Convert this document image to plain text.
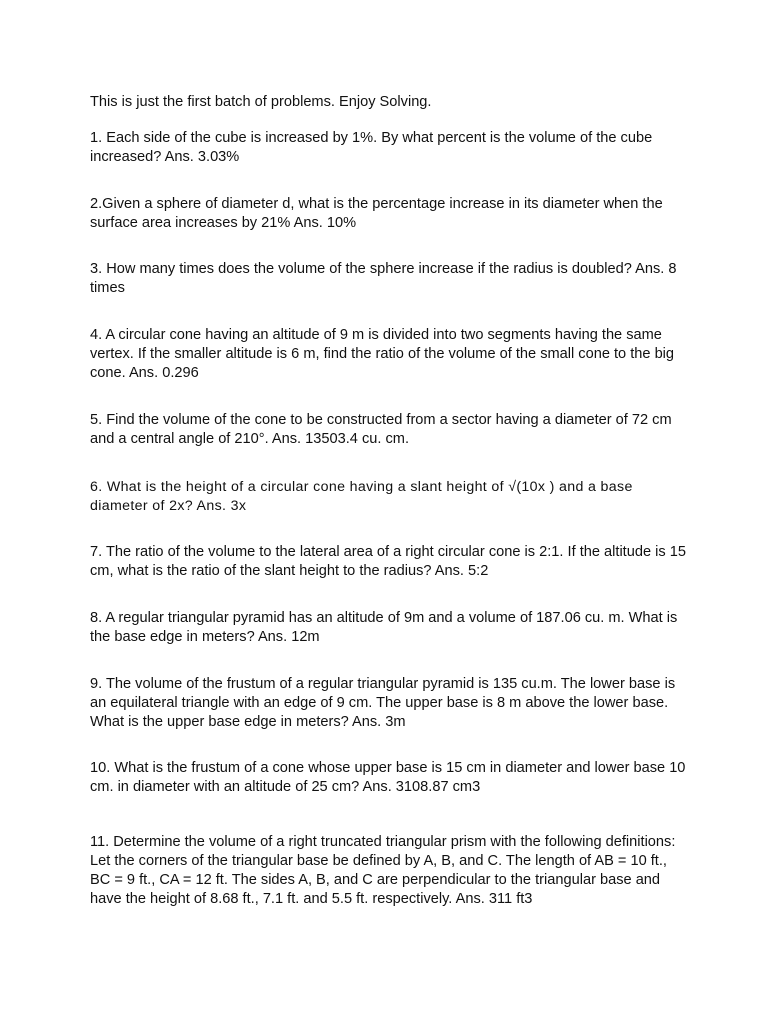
This is just the first batch of problems. Enjoy Solving.

1. Each side of the cube is increased by 1%. By what percent is the volume of the cube increased? Ans. 3.03%

2.Given a sphere of diameter d, what is the percentage increase in its diameter when the surface area increases by 21% Ans. 10%

3. How many times does the volume of the sphere increase if the radius is doubled? Ans. 8 times

4. A circular cone having an altitude of 9 m is divided into two segments having the same vertex. If the smaller altitude is 6 m, find the ratio of the volume of the small cone to the big cone. Ans. 0.296

5. Find the volume of the cone to be constructed from a sector having a diameter of 72 cm and a central angle of 210°. Ans. 13503.4 cu. cm.

6. What is the height of a circular cone having a slant height of √(10x ) and a base diameter of 2x? Ans. 3x

7. The ratio of the volume to the lateral area of a right circular cone is 2:1. If the altitude is 15 cm, what is the ratio of the slant height to the radius? Ans. 5:2

8. A regular triangular pyramid has an altitude of 9m and a volume of 187.06 cu. m. What is the base edge in meters? Ans. 12m

9. The volume of the frustum of a regular triangular pyramid is 135 cu.m. The lower base is an equilateral triangle with an edge of 9 cm. The upper base is 8 m above the lower base. What is the upper base edge in meters? Ans. 3m

10. What is the frustum of a cone whose upper base is 15 cm in diameter and lower base 10 cm. in diameter with an altitude of 25 cm? Ans. 3108.87 cm3

11. Determine the volume of a right truncated triangular prism with the following definitions: Let the corners of the triangular base be defined by A, B, and C. The length of AB = 10 ft., BC = 9 ft., CA = 12 ft. The sides A, B, and C are perpendicular to the triangular base and have the height of 8.68 ft., 7.1 ft. and 5.5 ft. respectively. Ans. 311 ft3
